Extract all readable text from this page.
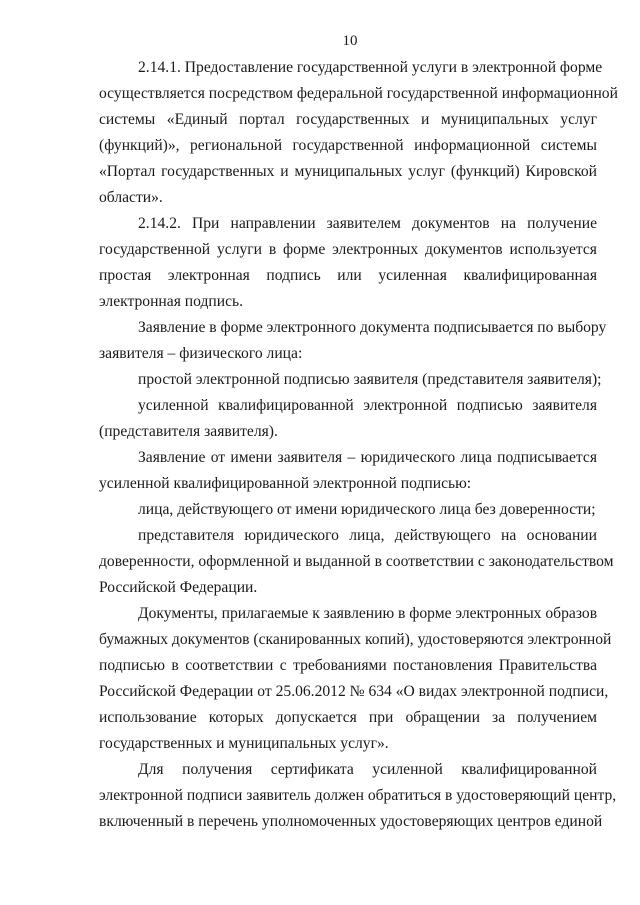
10
2.14.1. Предоставление государственной услуги в электронной форме
осуществляется посредством федеральной государственной информационной
системы «Единый портал государственных и муниципальных услуг
(функций)», региональной государственной информационной системы
«Портал государственных и муниципальных услуг (функций) Кировской
области».
2.14.2. При направлении заявителем документов на получение
государственной услуги в форме электронных документов используется
простая электронная подпись или усиленная квалифицированная
электронная подпись.
Заявление в форме электронного документа подписывается по выбору
заявителя – физического лица:
простой электронной подписью заявителя (представителя заявителя);
усиленной квалифицированной электронной подписью заявителя
(представителя заявителя).
Заявление от имени заявителя – юридического лица подписывается
усиленной квалифицированной электронной подписью:
лица, действующего от имени юридического лица без доверенности;
представителя юридического лица, действующего на основании
доверенности, оформленной и выданной в соответствии с законодательством
Российской Федерации.
Документы, прилагаемые к заявлению в форме электронных образов
бумажных документов (сканированных копий), удостоверяются электронной
подписью в соответствии с требованиями постановления Правительства
Российской Федерации от 25.06.2012 № 634 «О видах электронной подписи,
использование которых допускается при обращении за получением
государственных и муниципальных услуг».
Для получения сертификата усиленной квалифицированной
электронной подписи заявитель должен обратиться в удостоверяющий центр,
включенный в перечень уполномоченных удостоверяющих центров единой
